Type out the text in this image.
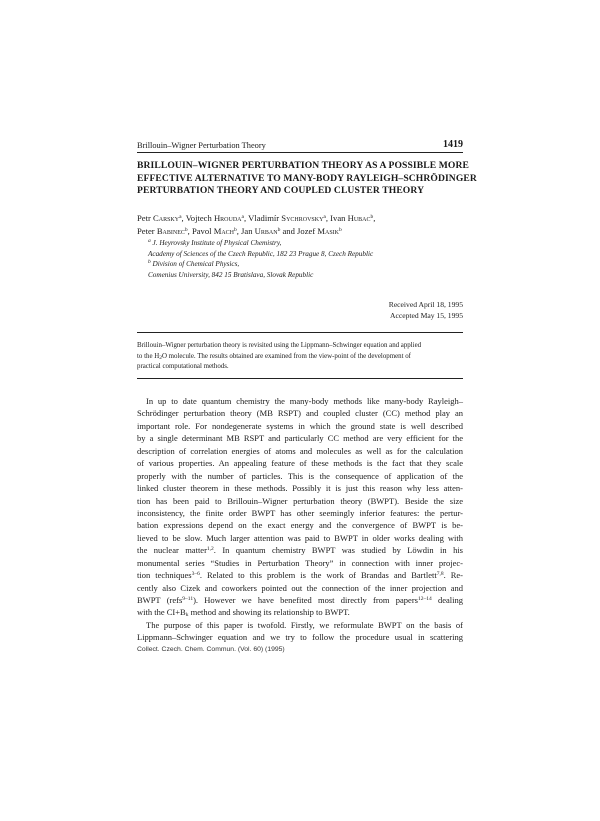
Brillouin–Wigner Perturbation Theory	1419
BRILLOUIN–WIGNER PERTURBATION THEORY AS A POSSIBLE MORE
EFFECTIVE ALTERNATIVE TO MANY-BODY RAYLEIGH–SCHRÖDINGER
PERTURBATION THEORY AND COUPLED CLUSTER THEORY
Petr Carsky$^a$, Vojtech Hrouda$^a$, Vladimír Sychrovsky$^a$, Ivan Hubac$^b$,
Peter Babinec$^b$, Pavol Mach$^b$, Jan Urban$^b$ and Jozef Masik$^b$
$^a$ J. Heyrovsky Institute of Physical Chemistry,
Academy of Sciences of the Czech Republic, 182 23 Prague 8, Czech Republic
$^b$ Division of Chemical Physics,
Comenius University, 842 15 Bratislava, Slovak Republic
Received April 18, 1995
Accepted May 15, 1995
Brillouin–Wigner perturbation theory is revisited using the Lippmann–Schwinger equation and applied
to the $H_2O$ molecule. The results obtained are examined from the view-point of the development of
practical computational methods.
In up to date quantum chemistry the many-body methods like many-body Rayleigh–
Schrödinger perturbation theory (MB RSPT) and coupled cluster (CC) method play an
important role. For nondegenerate systems in which the ground state is well described
by a single determinant MB RSPT and particularly CC method are very efficient for the
description of correlation energies of atoms and molecules as well as for the calculation
of various properties. An appealing feature of these methods is the fact that they scale
properly with the number of particles. This is the consequence of application of the
linked cluster theorem in these methods. Possibly it is just this reason why less atten-
tion has been paid to Brillouin–Wigner perturbation theory (BWPT). Beside the size
inconsistency, the finite order BWPT has other seemingly inferior features: the pertur-
bation expressions depend on the exact energy and the convergence of BWPT is be-
lieved to be slow. Much larger attention was paid to BWPT in older works dealing with
the nuclear matter$^{1,2}$. In quantum chemistry BWPT was studied by Löwdin in his
monumental series “Studies in Perturbation Theory” in connection with inner projec-
tion techniques$^{3-6}$. Related to this problem is the work of Brandas and Bartlett$^{7,8}$. Re-
cently also Cizek and coworkers pointed out the connection of the inner projection and
BWPT (refs$^{9-11}$). However we have benefited most directly from papers$^{12-14}$ dealing
with the $CI+B_k$ method and showing its relationship to BWPT.
The purpose of this paper is twofold. Firstly, we reformulate BWPT on the basis of
Lippmann–Schwinger equation and we try to follow the procedure usual in scattering
Collect. Czech. Chem. Commun. (Vol. 60) (1995)
